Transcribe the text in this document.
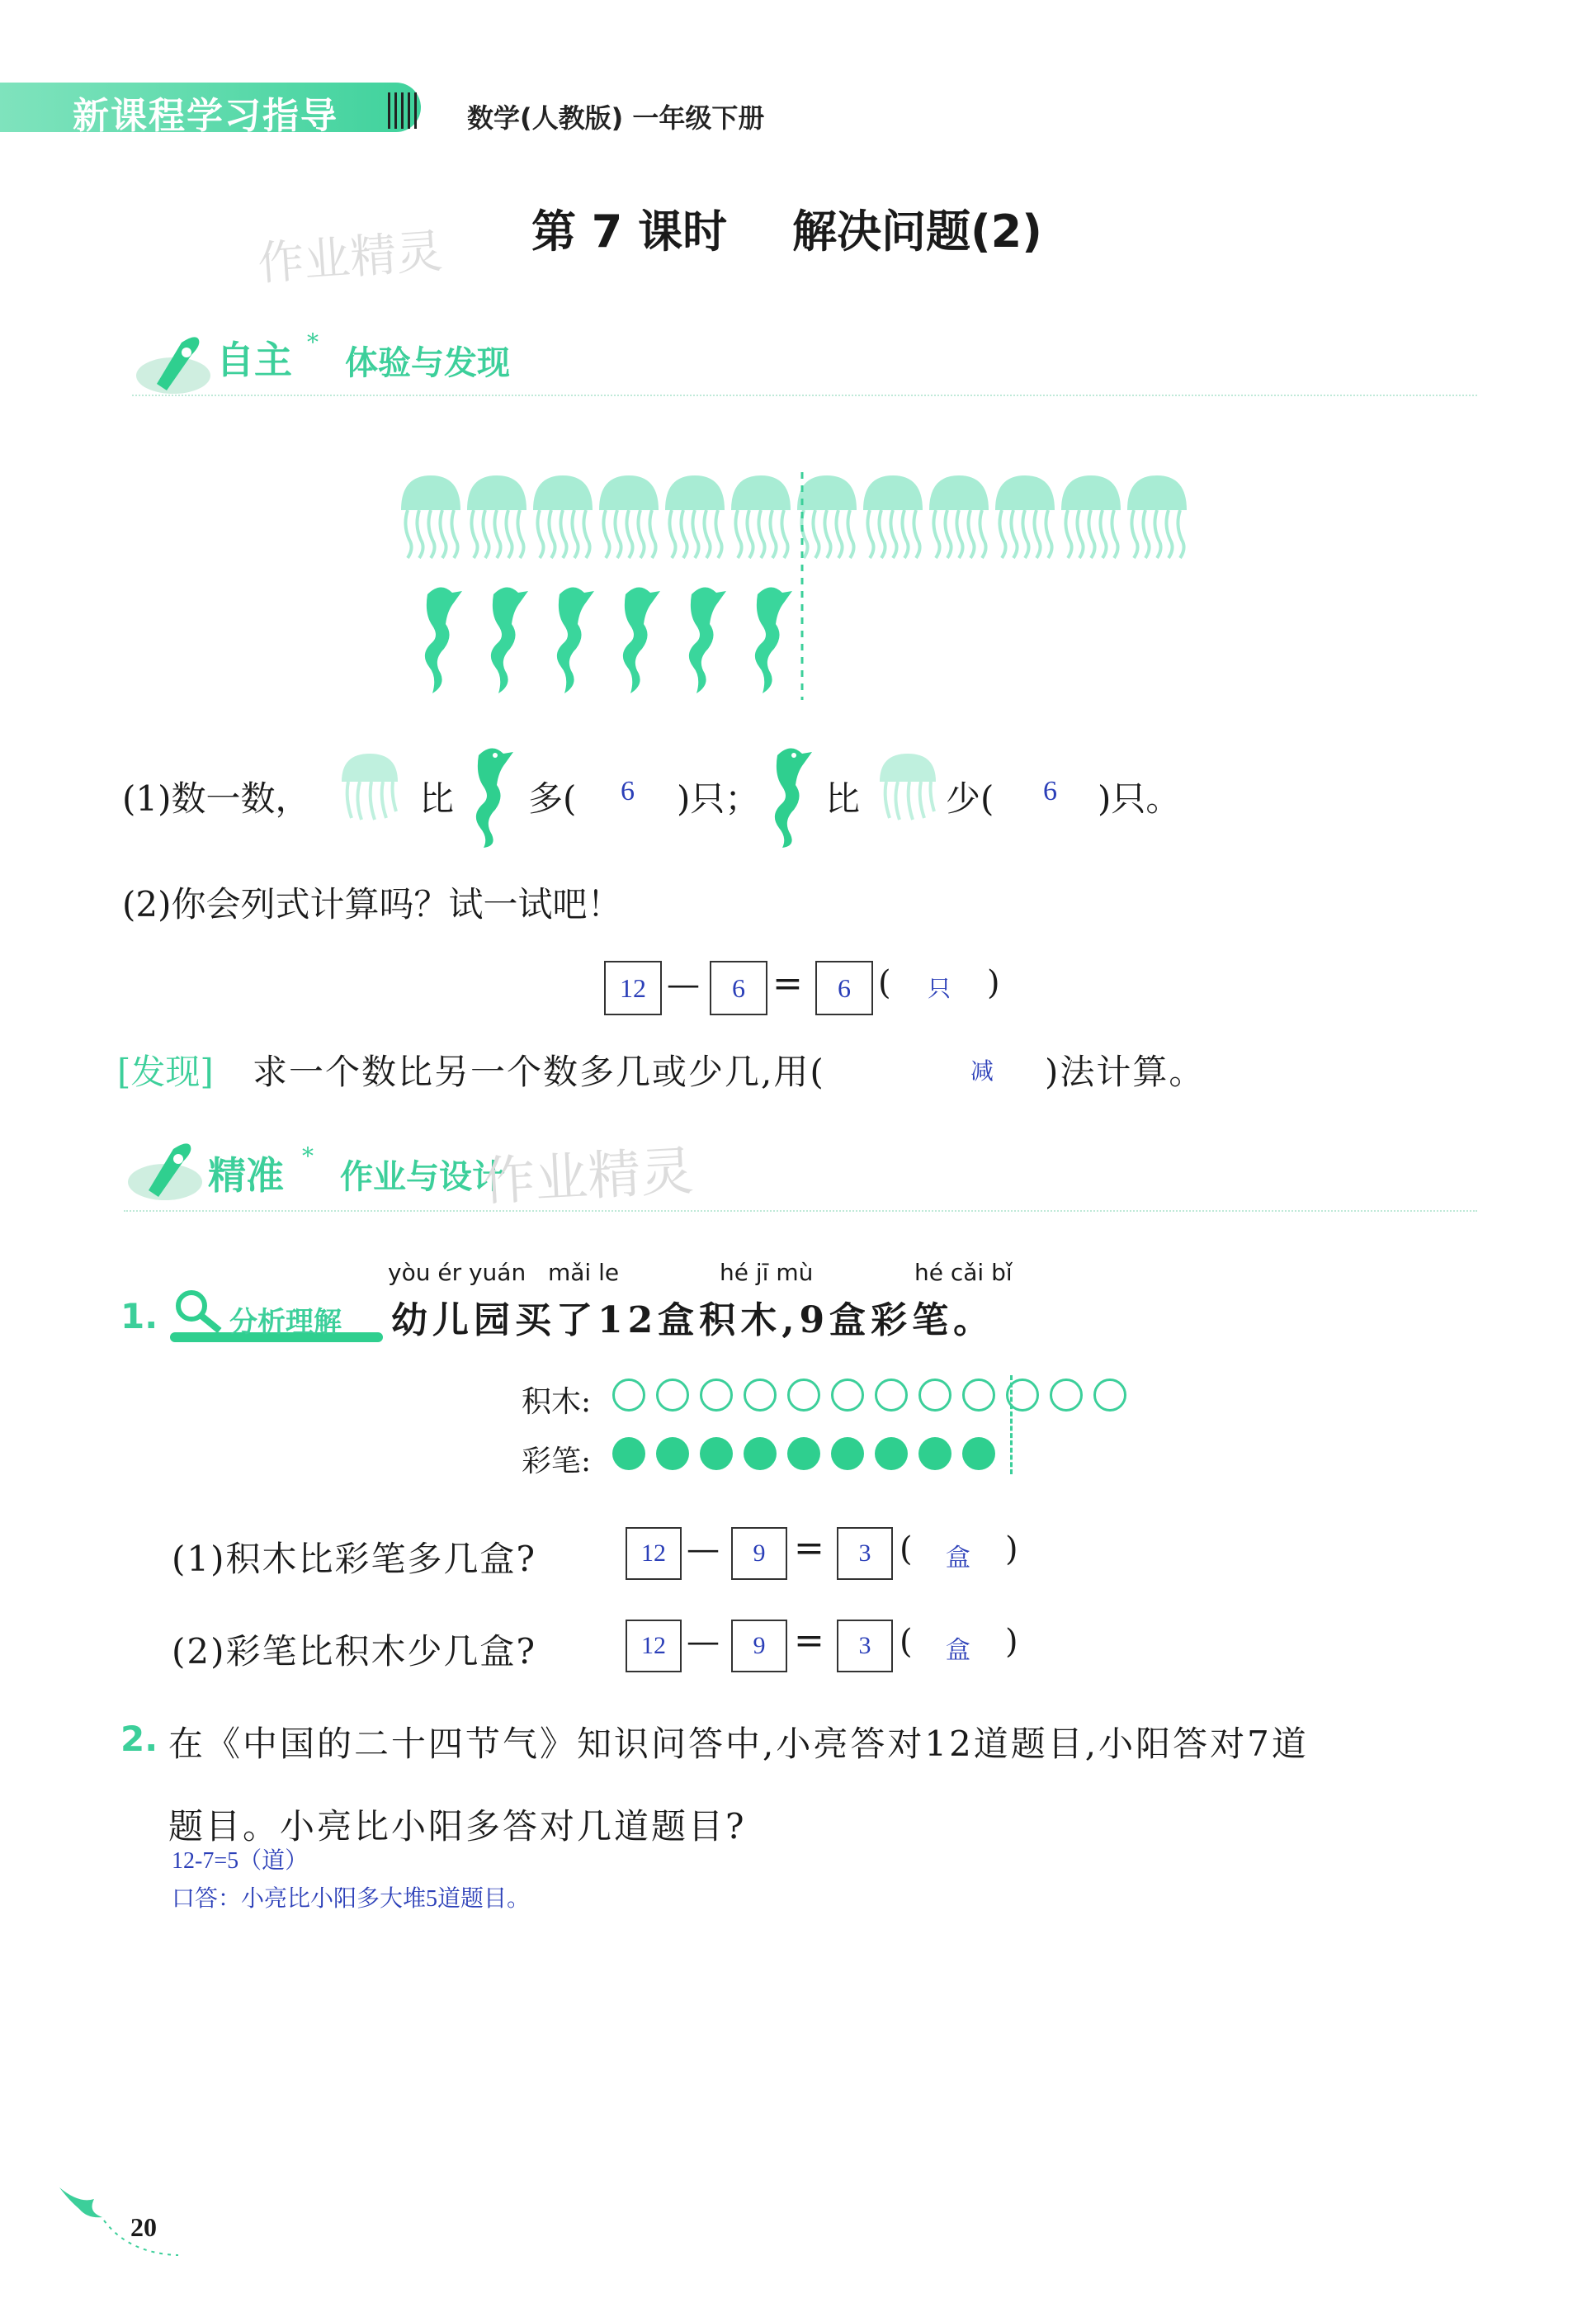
新课程学习指导	数学(人教版) 一年级下册
第 7 课时 解决问题(2)
作业精灵
自主 *
体验与发现
(1)数一数，	比 多( 6 )只； 比 少( 6 )只。
(2)你会列式计算吗？试一试吧！
12 —	6 =	6 ( 只 )
[发现] 求一个数比另一个数多几或少几,用(	减 )法计算。
精准 *
作业与设计
作业精灵
yòu ér yuán mǎi le	hé jī mù	hé cǎi bǐ
1.	分析理解 幼儿园买了12盒积木,9盒彩笔。
积木:
彩笔:
(1)积木比彩笔多几盒?	12 —	9 =	3 ( 盒 )
(2)彩笔比积木少几盒?	12 —	9 =	3 ( 盒 )
2. 在《中国的二十四节气》知识问答中,小亮答对12道题目,小阳答对7道
题目。小亮比小阳多答对几道题目?
12-7=5（道）
口答：小亮比小阳多大堆5道题目。
20
